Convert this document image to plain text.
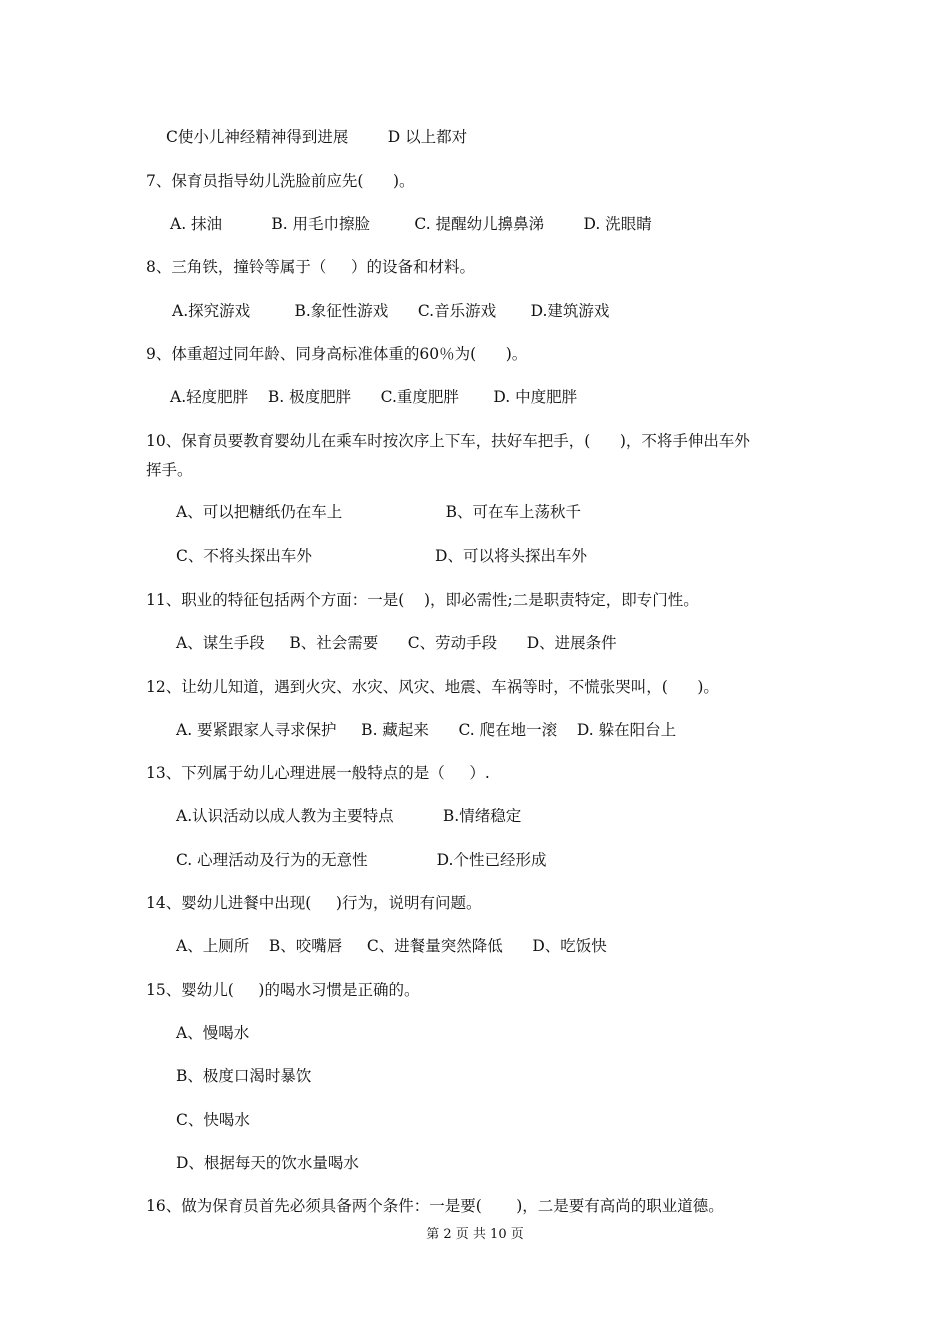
C使小儿神经精神得到进展        D 以上都对
7、保育员指导幼儿洗脸前应先(      )。
A. 抹油          B. 用毛巾擦脸         C. 提醒幼儿擤鼻涕        D. 洗眼睛
8、三角铁，撞铃等属于（     ）的设备和材料。
A.探究游戏         B.象征性游戏      C.音乐游戏       D.建筑游戏
9、体重超过同年龄、同身高标准体重的60％为(      )。
A.轻度肥胖    B. 极度肥胖      C.重度肥胖       D. 中度肥胖
10、保育员要教育婴幼儿在乘车时按次序上下车，扶好车把手，(      )，不将手伸出车外
挥手。
A、可以把糖纸仍在车上                     B、可在车上荡秋千
C、不将头探出车外                         D、可以将头探出车外
11、职业的特征包括两个方面：一是(    )，即必需性;二是职责特定，即专门性。
A、谋生手段     B、社会需要      C、劳动手段      D、进展条件
12、让幼儿知道，遇到火灾、水灾、风灾、地震、车祸等时，不慌张哭叫，(      )。
A. 要紧跟家人寻求保护     B. 藏起来      C. 爬在地一滚    D. 躲在阳台上
13、下列属于幼儿心理进展一般特点的是（     ）.
A.认识活动以成人教为主要特点          B.情绪稳定
C. 心理活动及行为的无意性              D.个性已经形成
14、婴幼儿进餐中出现(     )行为，说明有问题。
A、上厕所    B、咬嘴唇     C、进餐量突然降低      D、吃饭快
15、婴幼儿(     )的喝水习惯是正确的。
A、慢喝水
B、极度口渴时暴饮
C、快喝水
D、根据每天的饮水量喝水
16、做为保育员首先必须具备两个条件：一是要(       )，二是要有高尚的职业道德。
第 2 页 共 10 页
